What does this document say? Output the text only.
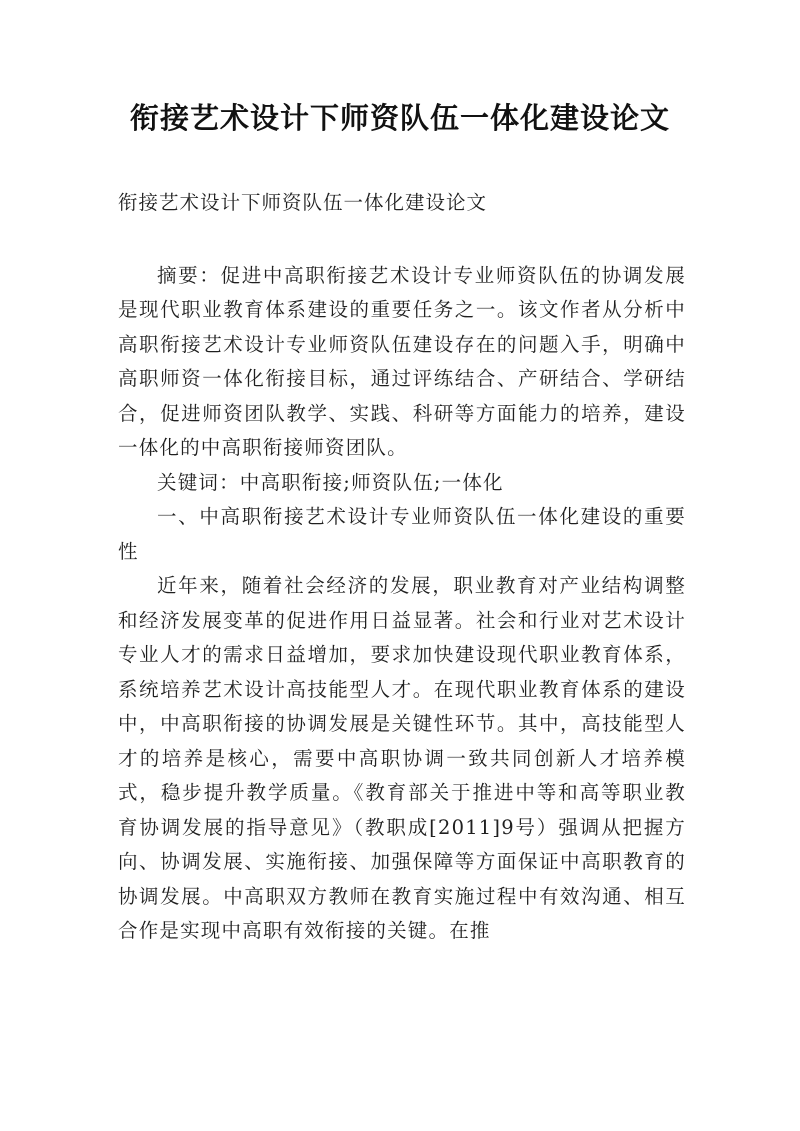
衔接艺术设计下师资队伍一体化建设论文

衔接艺术设计下师资队伍一体化建设论文

摘要：促进中高职衔接艺术设计专业师资队伍的协调发展是现代职业教育体系建设的重要任务之一。该文作者从分析中高职衔接艺术设计专业师资队伍建设存在的问题入手，明确中高职师资一体化衔接目标，通过评练结合、产研结合、学研结合，促进师资团队教学、实践、科研等方面能力的培养，建设一体化的中高职衔接师资团队。

关键词：中高职衔接;师资队伍;一体化

一、中高职衔接艺术设计专业师资队伍一体化建设的重要性

近年来，随着社会经济的发展，职业教育对产业结构调整和经济发展变革的促进作用日益显著。社会和行业对艺术设计专业人才的需求日益增加，要求加快建设现代职业教育体系，系统培养艺术设计高技能型人才。在现代职业教育体系的建设中，中高职衔接的协调发展是关键性环节。其中，高技能型人才的培养是核心，需要中高职协调一致共同创新人才培养模式，稳步提升教学质量。《教育部关于推进中等和高等职业教育协调发展的指导意见》（教职成[2011]9号）强调从把握方向、协调发展、实施衔接、加强保障等方面保证中高职教育的协调发展。中高职双方教师在教育实施过程中有效沟通、相互合作是实现中高职有效衔接的关键。在推
